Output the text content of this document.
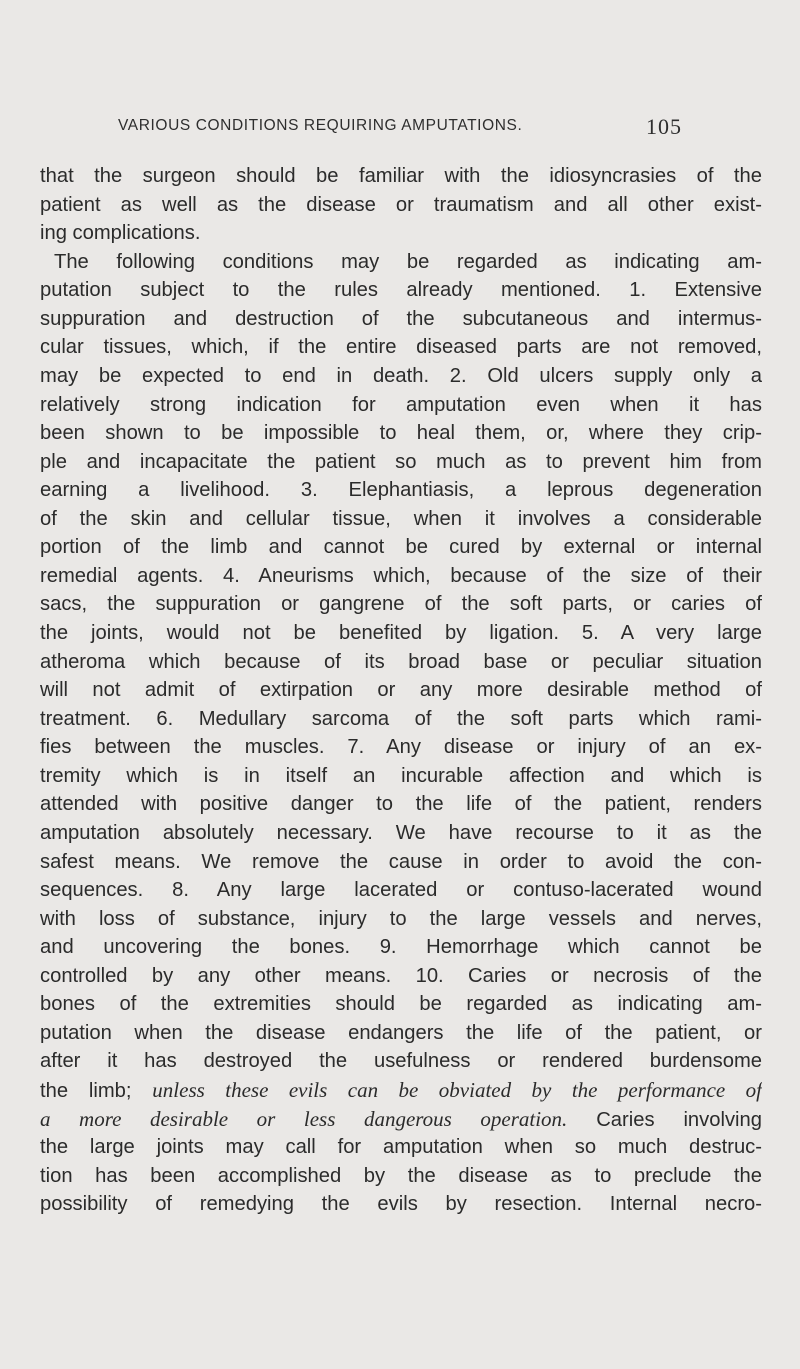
VARIOUS CONDITIONS REQUIRING AMPUTATIONS.	105
that the surgeon should be familiar with the idiosyncrasies of the
patient as well as the disease or traumatism and all other exist-
ing complications.
The following conditions may be regarded as indicating am-
putation subject to the rules already mentioned. 1. Extensive
suppuration and destruction of the subcutaneous and intermus-
cular tissues, which, if the entire diseased parts are not removed,
may be expected to end in death. 2. Old ulcers supply only a
relatively strong indication for amputation even when it has
been shown to be impossible to heal them, or, where they crip-
ple and incapacitate the patient so much as to prevent him from
earning a livelihood. 3. Elephantiasis, a leprous degeneration
of the skin and cellular tissue, when it involves a considerable
portion of the limb and cannot be cured by external or internal
remedial agents. 4. Aneurisms which, because of the size of their
sacs, the suppuration or gangrene of the soft parts, or caries of
the joints, would not be benefited by ligation. 5. A very large
atheroma which because of its broad base or peculiar situation
will not admit of extirpation or any more desirable method of
treatment. 6. Medullary sarcoma of the soft parts which rami-
fies between the muscles. 7. Any disease or injury of an ex-
tremity which is in itself an incurable affection and which is
attended with positive danger to the life of the patient, renders
amputation absolutely necessary. We have recourse to it as the
safest means. We remove the cause in order to avoid the con-
sequences. 8. Any large lacerated or contuso-lacerated wound
with loss of substance, injury to the large vessels and nerves,
and uncovering the bones. 9. Hemorrhage which cannot be
controlled by any other means. 10. Caries or necrosis of the
bones of the extremities should be regarded as indicating am-
putation when the disease endangers the life of the patient, or
after it has destroyed the usefulness or rendered burdensome
the limb; unless these evils can be obviated by the performance of
a more desirable or less dangerous operation. Caries involving
the large joints may call for amputation when so much destruc-
tion has been accomplished by the disease as to preclude the
possibility of remedying the evils by resection. Internal necro-
